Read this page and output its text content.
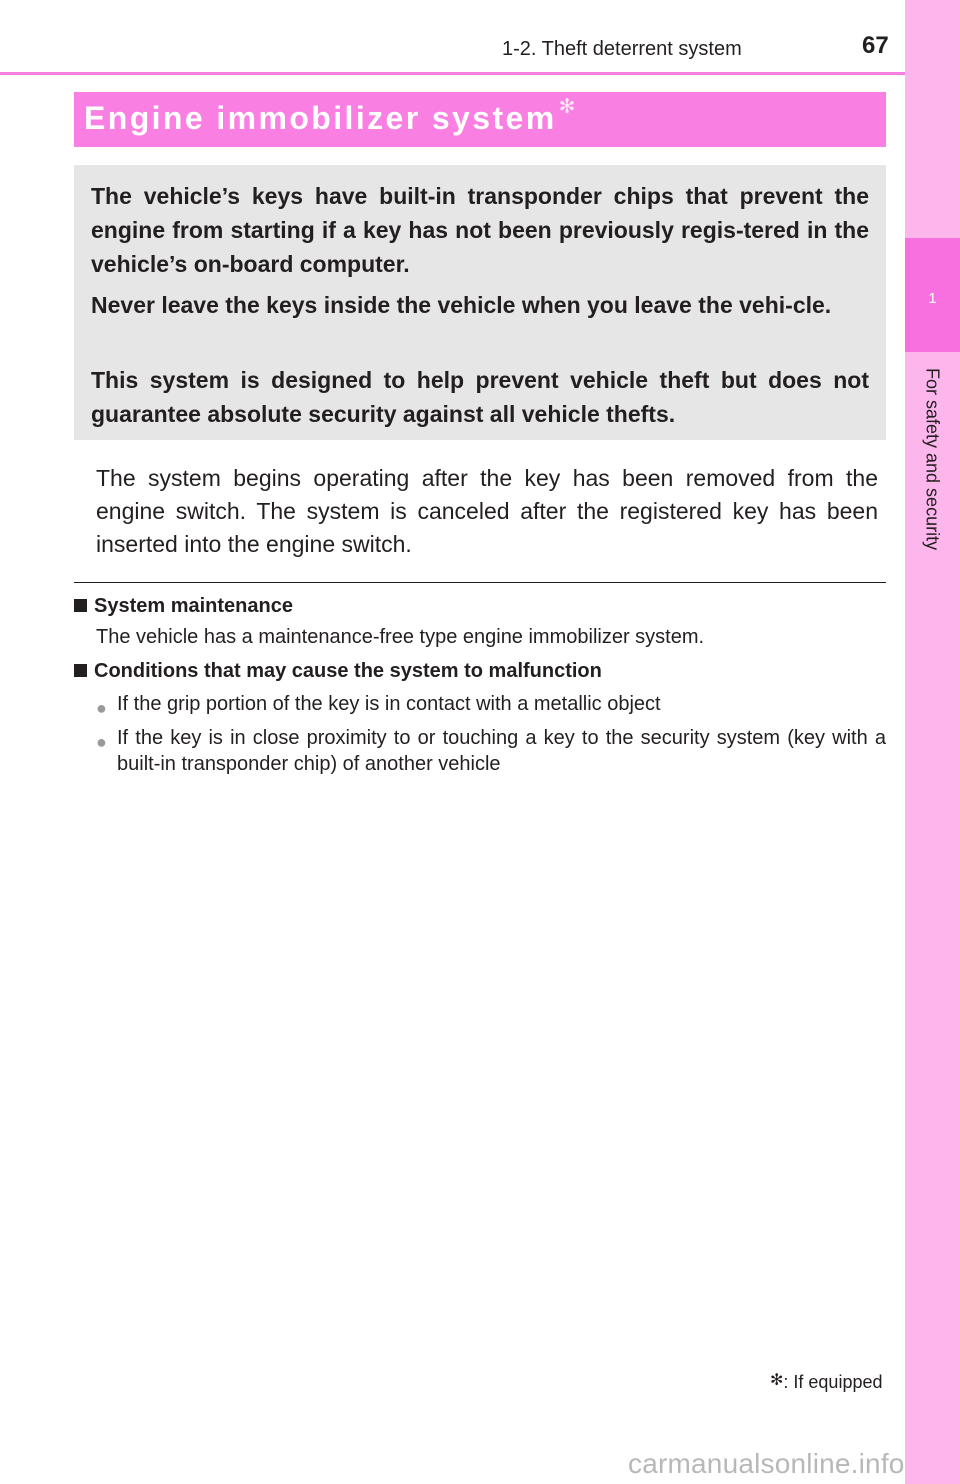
1
For safety and security
1-2. Theft deterrent system	67
Engine immobilizer system ✻

The vehicle’s keys have built-in transponder chips that prevent the engine from starting if a key has not been previously regis-tered in the vehicle’s on-board computer.

Never leave the keys inside the vehicle when you leave the vehi-cle.

This system is designed to help prevent vehicle theft but does not guarantee absolute security against all vehicle thefts.

The system begins operating after the key has been removed from the engine switch. The system is canceled after the registered key has been inserted into the engine switch.

System maintenance
The vehicle has a maintenance-free type engine immobilizer system.
Conditions that may cause the system to malfunction
● If the grip portion of the key is in contact with a metallic object

● If the key is in close proximity to or touching a key to the security system (key with a built-in transponder chip) of another vehicle

✻: If equipped
carmanualsonline.info
